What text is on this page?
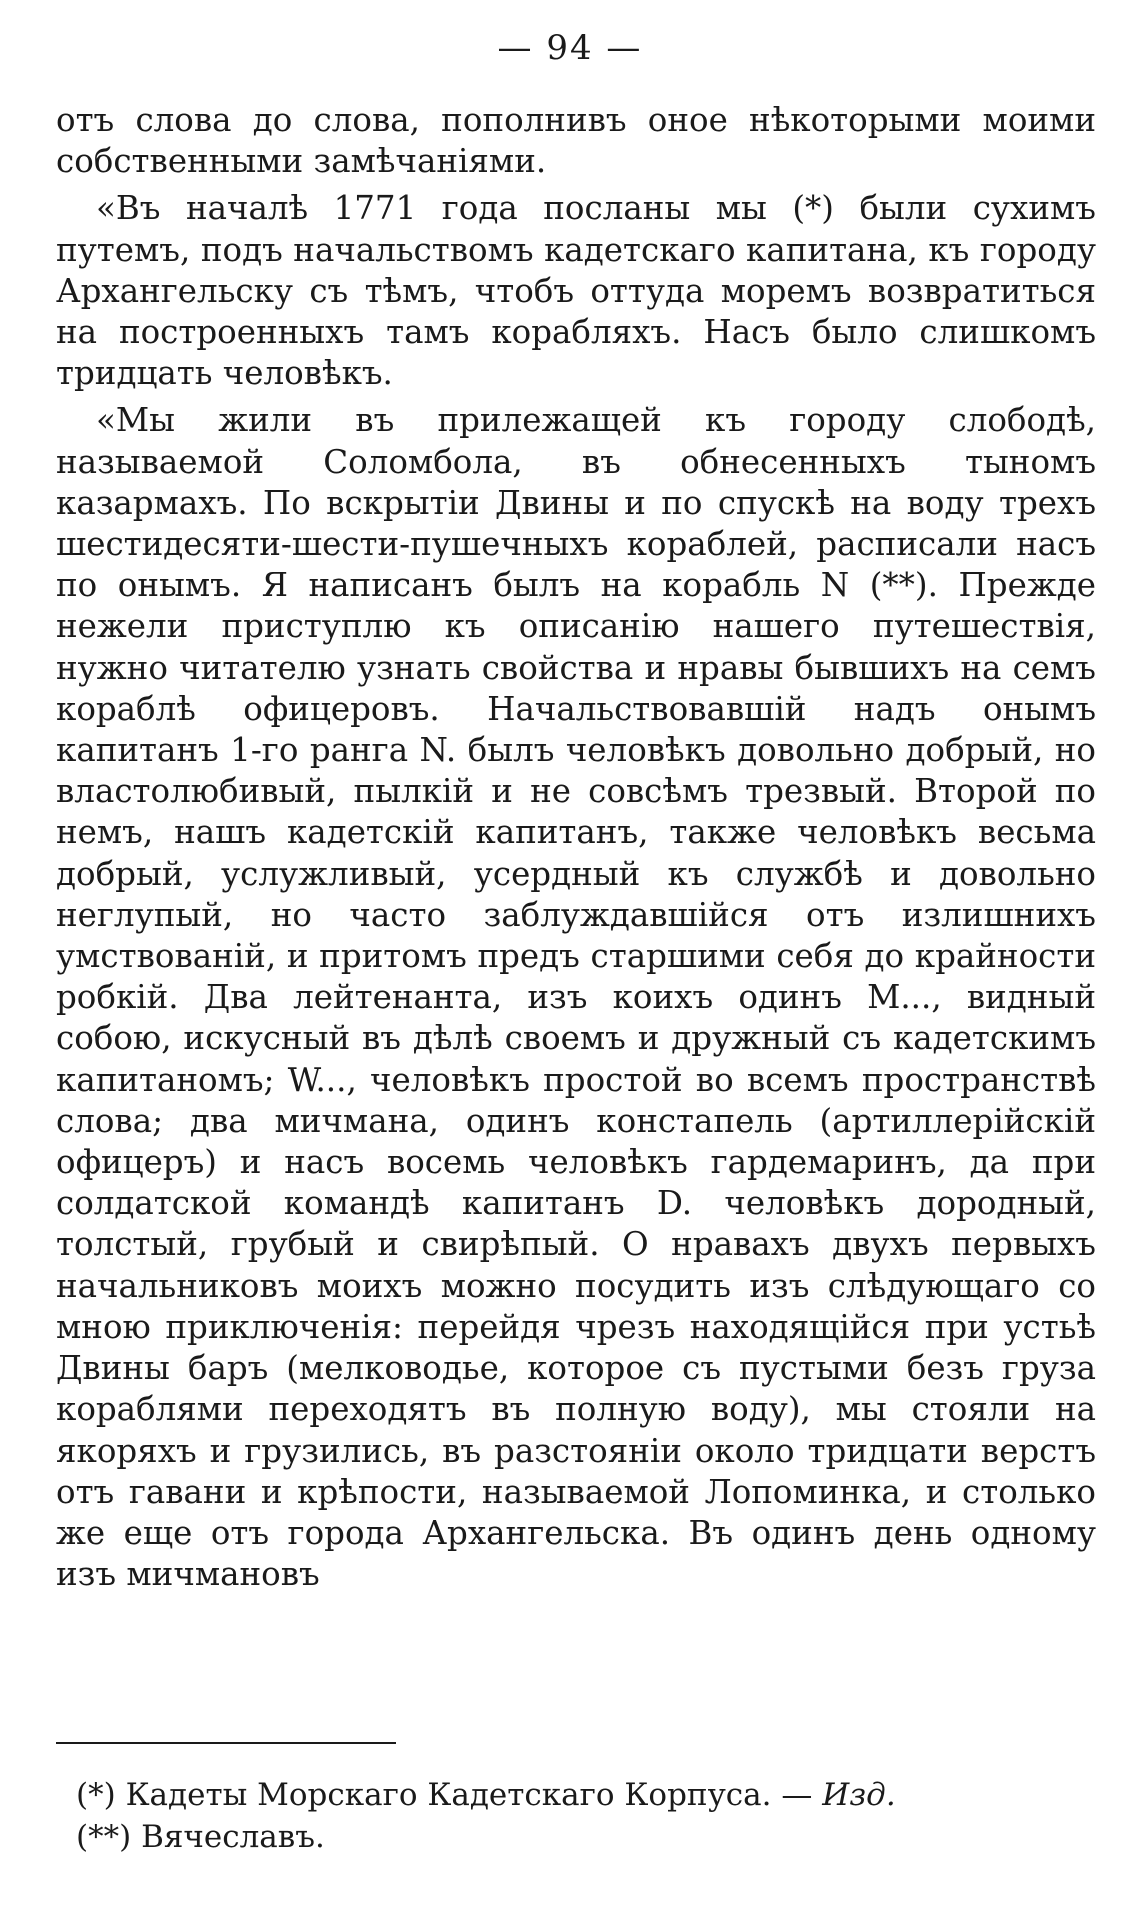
— 94 —

отъ слова до слова, пополнивъ оное нѣкоторыми моими собственными замѣчаніями.

«Въ началѣ 1771 года посланы мы (*) были сухимъ путемъ, подъ начальствомъ кадетскаго капитана, къ городу Архангельску съ тѣмъ, чтобъ оттуда моремъ возвратиться на построенныхъ тамъ корабляхъ. Насъ было слишкомъ тридцать человѣкъ.

«Мы жили въ прилежащей къ городу слободѣ, называемой Соломбола, въ обнесенныхъ тыномъ казармахъ. По вскрытіи Двины и по спускѣ на воду трехъ шестидесяти-шести-пушечныхъ кораблей, расписали насъ по онымъ. Я написанъ былъ на корабль N (**). Прежде нежели приступлю къ описанію нашего путешествія, нужно читателю узнать свойства и нравы бывшихъ на семъ кораблѣ офицеровъ. Начальствовавшій надъ онымъ капитанъ 1-го ранга N. былъ человѣкъ довольно добрый, но властолюбивый, пылкій и не совсѣмъ трезвый. Второй по немъ, нашъ кадетскій капитанъ, также человѣкъ весьма добрый, услужливый, усердный къ службѣ и довольно неглупый, но часто заблуждавшійся отъ излишнихъ умствованій, и притомъ предъ старшими себя до крайности робкій. Два лейтенанта, изъ коихъ одинъ М..., видный собою, искусный въ дѣлѣ своемъ и дружный съ кадетскимъ капитаномъ; W..., человѣкъ простой во всемъ пространствѣ слова; два мичмана, одинъ констапель (артиллерійскій офицеръ) и насъ восемь человѣкъ гардемаринъ, да при солдатской командѣ капитанъ D. человѣкъ дородный, толстый, грубый и свирѣпый. О нравахъ двухъ первыхъ начальниковъ моихъ можно посудить изъ слѣдующаго со мною приключенія: перейдя чрезъ находящійся при устьѣ Двины баръ (мелководье, которое съ пустыми безъ груза кораблями переходятъ въ полную воду), мы стояли на якоряхъ и грузились, въ разстояніи около тридцати верстъ отъ гавани и крѣпости, называемой Лопоминка, и столько же еще отъ города Архангельска. Въ одинъ день одному изъ мичмановъ

(*) Кадеты Морскаго Кадетскаго Корпуса. — Изд.

(**) Вячеславъ.
